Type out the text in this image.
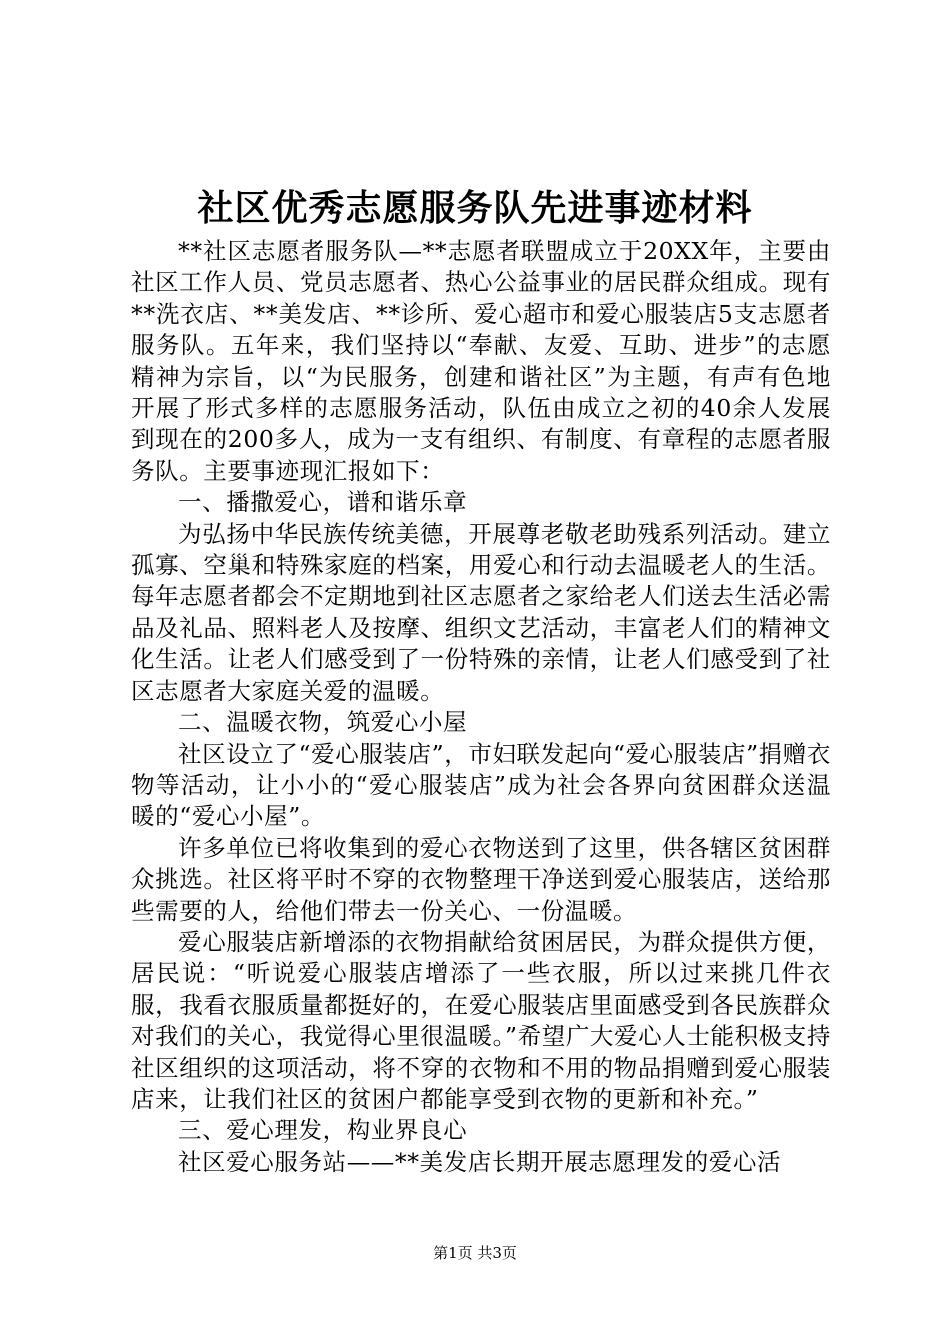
社区优秀志愿服务队先进事迹材料

**社区志愿者服务队—**志愿者联盟成立于20XX年，主要由社区工作人员、党员志愿者、热心公益事业的居民群众组成。现有**洗衣店、**美发店、**诊所、爱心超市和爱心服装店5支志愿者服务队。五年来，我们坚持以“奉献、友爱、互助、进步”的志愿精神为宗旨，以“为民服务，创建和谐社区”为主题，有声有色地开展了形式多样的志愿服务活动，队伍由成立之初的40余人发展到现在的200多人，成为一支有组织、有制度、有章程的志愿者服务队。主要事迹现汇报如下：

一、播撒爱心，谱和谐乐章

为弘扬中华民族传统美德，开展尊老敬老助残系列活动。建立孤寡、空巢和特殊家庭的档案，用爱心和行动去温暖老人的生活。每年志愿者都会不定期地到社区志愿者之家给老人们送去生活必需品及礼品、照料老人及按摩、组织文艺活动，丰富老人们的精神文化生活。让老人们感受到了一份特殊的亲情，让老人们感受到了社区志愿者大家庭关爱的温暖。

二、温暖衣物，筑爱心小屋

社区设立了“爱心服装店”，市妇联发起向“爱心服装店”捐赠衣物等活动，让小小的“爱心服装店”成为社会各界向贫困群众送温暖的“爱心小屋”。

许多单位已将收集到的爱心衣物送到了这里，供各辖区贫困群众挑选。社区将平时不穿的衣物整理干净送到爱心服装店，送给那些需要的人，给他们带去一份关心、一份温暖。

爱心服装店新增添的衣物捐献给贫困居民，为群众提供方便，居民说：“听说爱心服装店增添了一些衣服，所以过来挑几件衣服，我看衣服质量都挺好的，在爱心服装店里面感受到各民族群众对我们的关心，我觉得心里很温暖。”希望广大爱心人士能积极支持社区组织的这项活动，将不穿的衣物和不用的物品捐赠到爱心服装店来，让我们社区的贫困户都能享受到衣物的更新和补充。”

三、爱心理发，构业界良心

社区爱心服务站——**美发店长期开展志愿理发的爱心活

第1页 共3页
